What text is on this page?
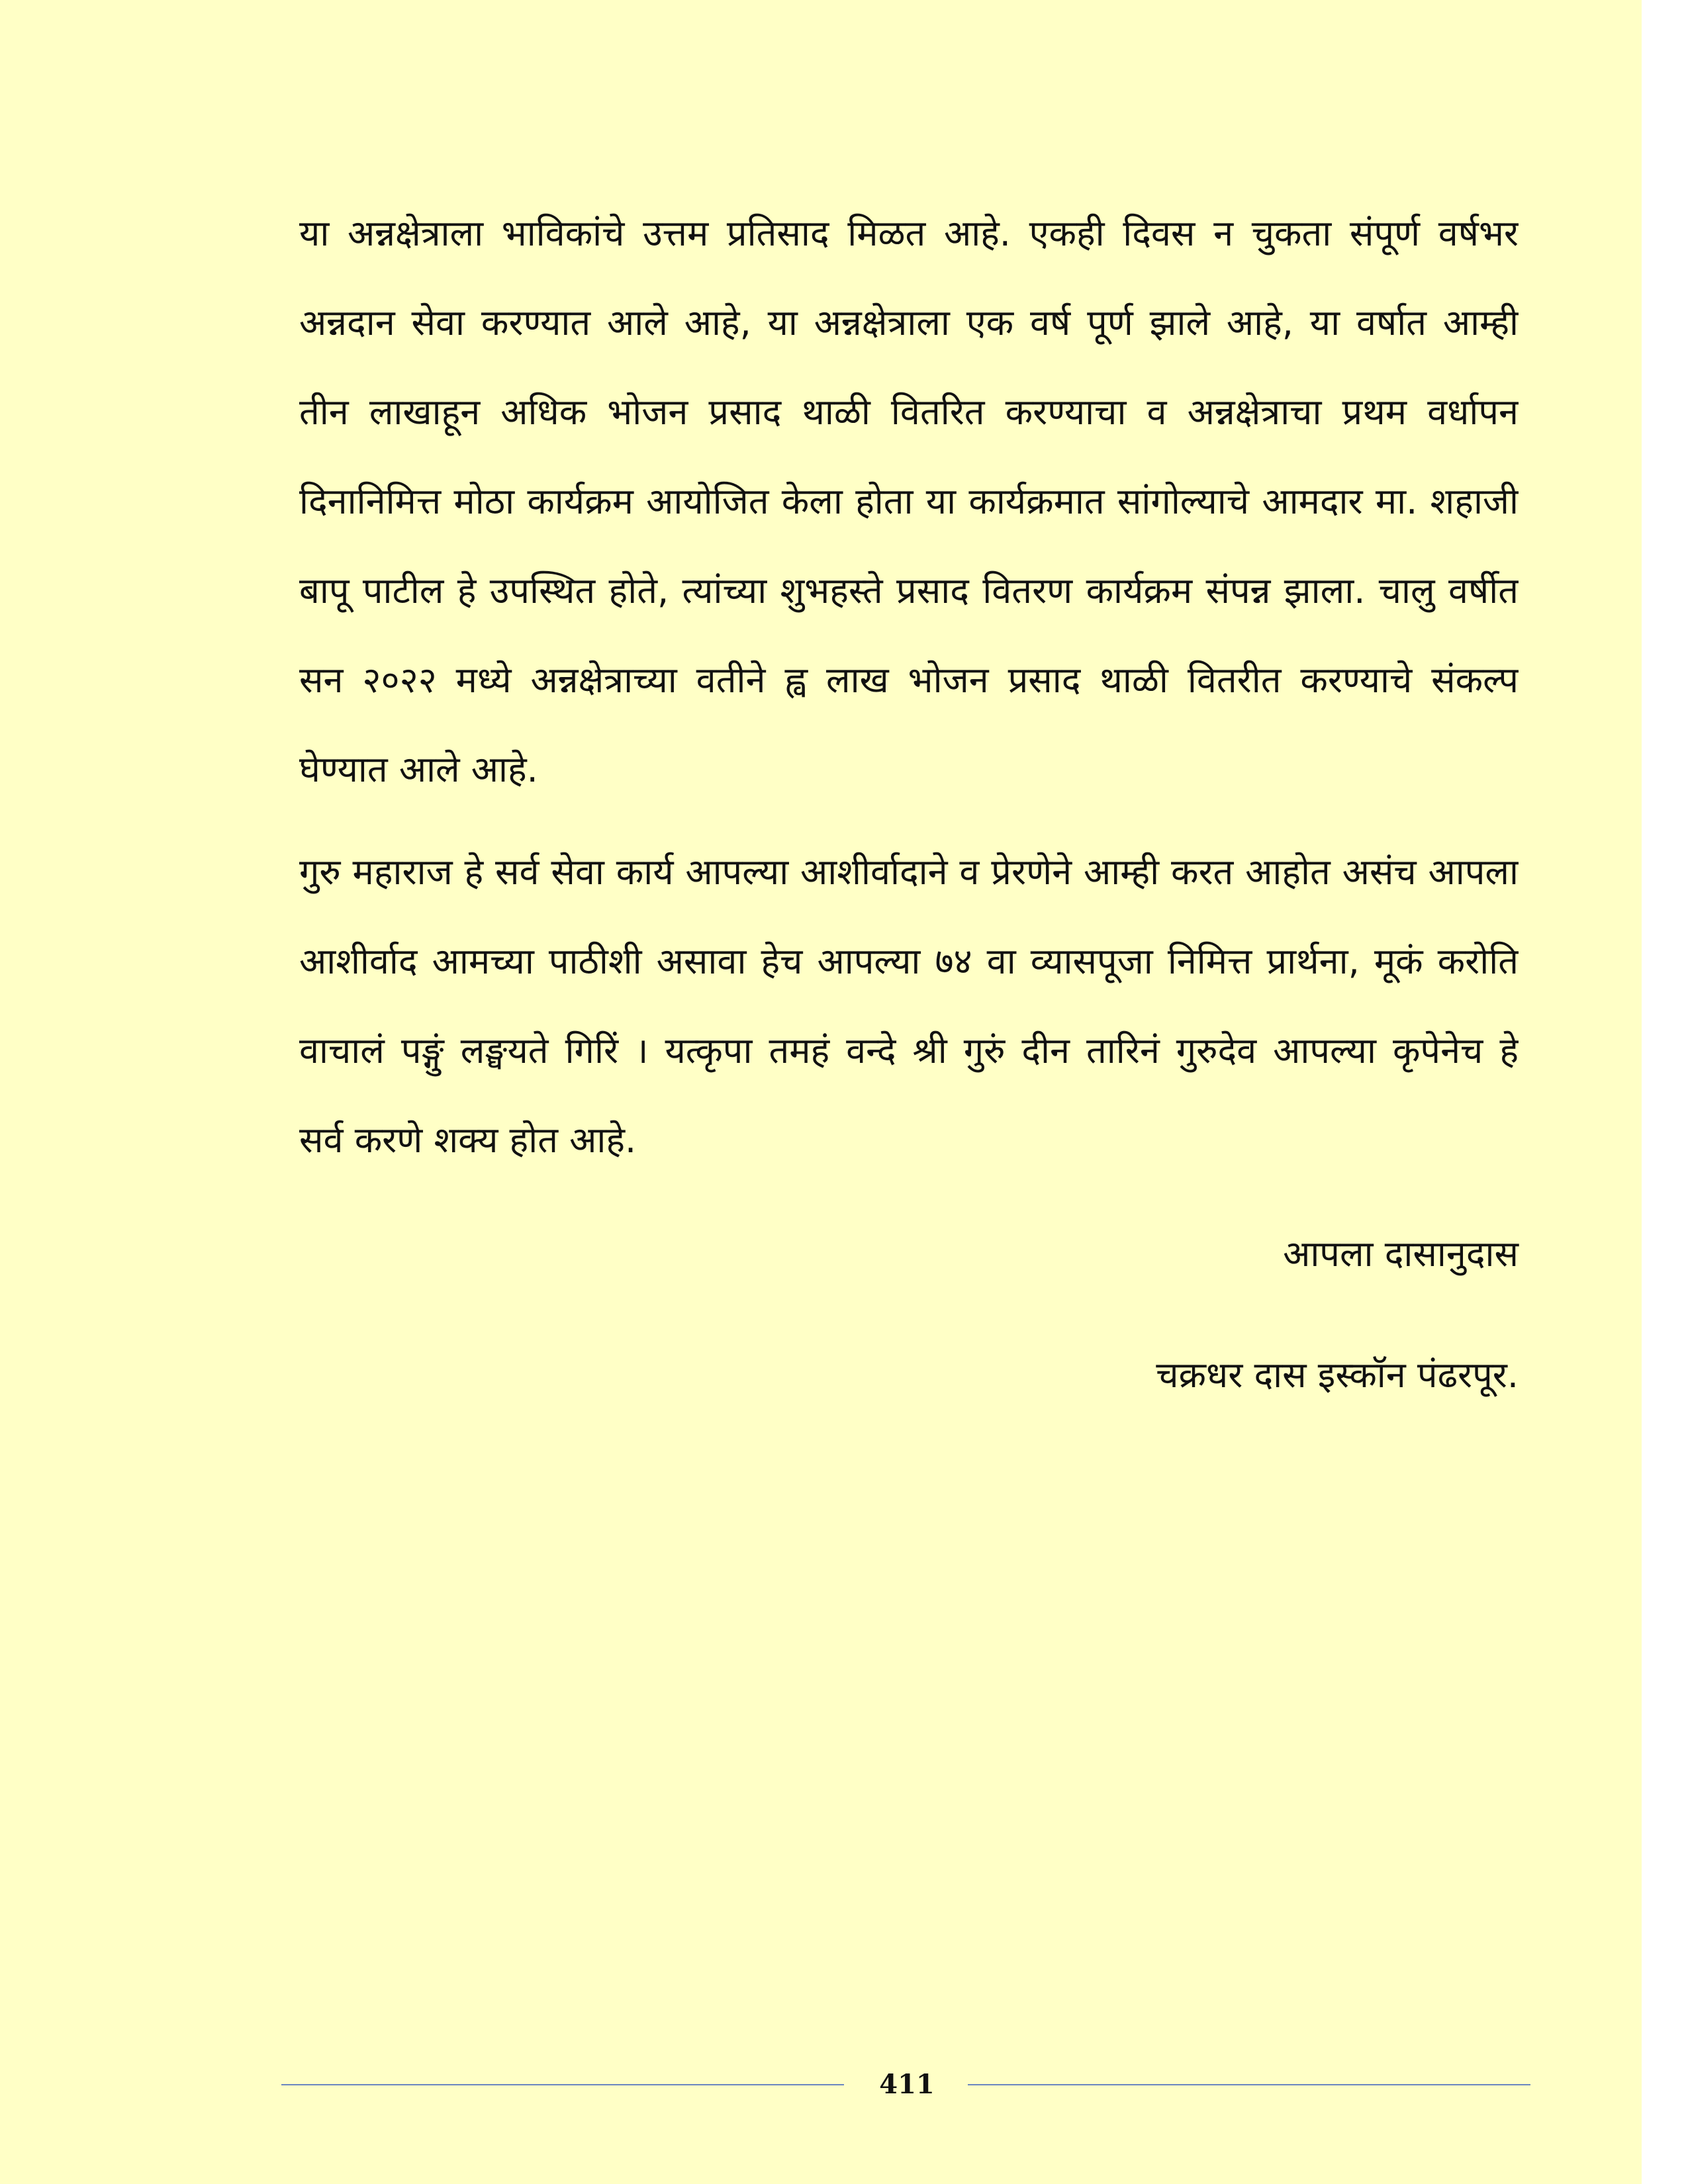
या अन्नक्षेत्राला भाविकांचे उत्तम प्रतिसाद मिळत आहे. एकही दिवस न चुकता संपूर्ण वर्षभर
अन्नदान सेवा करण्यात आले आहे, या अन्नक्षेत्राला एक वर्ष पूर्ण झाले आहे, या वर्षात आम्ही
तीन लाखाहून अधिक भोजन प्रसाद थाळी वितरित करण्याचा व अन्नक्षेत्राचा प्रथम वर्धापन
दिनानिमित्त मोठा कार्यक्रम आयोजित केला होता या कार्यक्रमात सांगोल्याचे आमदार मा. शहाजी
बापू पाटील हे उपस्थित होते, त्यांच्या शुभहस्ते प्रसाद वितरण कार्यक्रम संपन्न झाला. चालु वर्षीत
सन २०२२ मध्ये अन्नक्षेत्राच्या वतीने ह्व लाख भोजन प्रसाद थाळी वितरीत करण्याचे संकल्प
घेण्यात आले आहे.

गुरु महाराज हे सर्व सेवा कार्य आपल्या आशीर्वादाने व प्रेरणेने आम्ही करत आहोत असंच आपला
आशीर्वाद आमच्या पाठीशी असावा हेच आपल्या ७४ वा व्यासपूजा निमित्त प्रार्थना, मूकं करोति
वाचालं पङ्गुं लङ्घयते गिरिं । यत्कृपा तमहं वन्दे श्री गुरुं दीन तारिनं गुरुदेव आपल्या कृपेनेच हे
सर्व करणे शक्य होत आहे.

आपला दासानुदास
चक्रधर दास इस्कॉन पंढरपूर.
411
